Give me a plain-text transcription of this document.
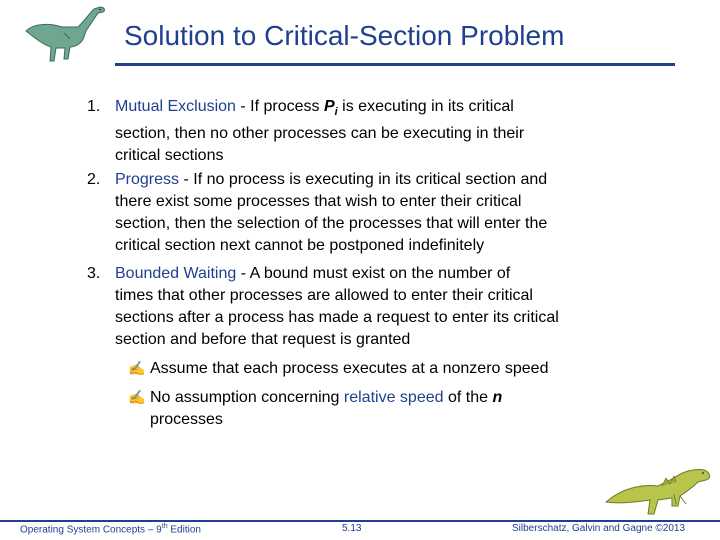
Solution to Critical-Section Problem
1. Mutual Exclusion - If process $P_i$ is executing in its critical
section, then no other processes can be executing in their
critical sections
2. Progress - If no process is executing in its critical section and
there exist some processes that wish to enter their critical
section, then the selection of the processes that will enter the
critical section next cannot be postponed indefinitely
3. Bounded Waiting - A bound must exist on the number of
times that other processes are allowed to enter their critical
sections after a process has made a request to enter its critical
section and before that request is granted
✍ Assume that each process executes at a nonzero speed
✍ No assumption concerning relative speed of the n
processes
Operating System Concepts – 9th Edition	5.13	Silberschatz, Galvin and Gagne ©2013
